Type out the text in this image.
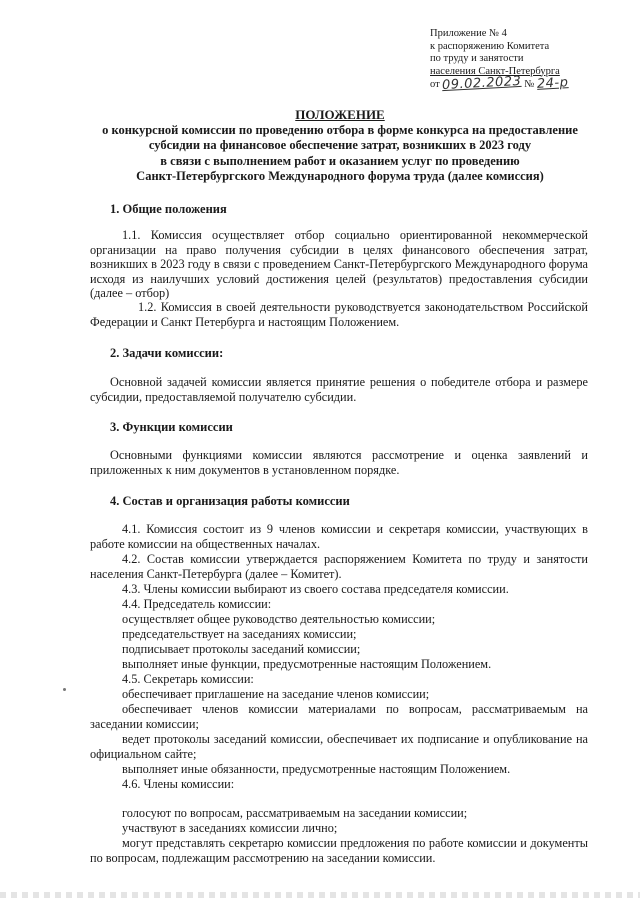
Приложение № 4
к распоряжению Комитета
по труду и занятости
населения Санкт-Петербурга
от 09.02.2023 № 24-р
ПОЛОЖЕНИЕ
о конкурсной комиссии по проведению отбора в форме конкурса на предоставление
субсидии на финансовое обеспечение затрат, возникших в 2023 году
в связи с выполнением работ и оказанием услуг по проведению
Санкт-Петербургского Международного форума труда (далее комиссия)
1. Общие положения
1.1. Комиссия осуществляет отбор социально ориентированной некоммерческой организации на право получения субсидии в целях финансового обеспечения затрат, возникших в 2023 году в связи с проведением Санкт-Петербургского Международного форума исходя из наилучших условий достижения целей (результатов) предоставления субсидии (далее – отбор)
1.2. Комиссия в своей деятельности руководствуется законодательством Российской Федерации и Санкт Петербурга и настоящим Положением.
2. Задачи комиссии:
Основной задачей комиссии является принятие решения о победителе отбора и размере субсидии, предоставляемой получателю субсидии.
3. Функции комиссии
Основными функциями комиссии являются рассмотрение и оценка заявлений и приложенных к ним документов в установленном порядке.
4. Состав и организация работы комиссии
4.1. Комиссия состоит из 9 членов комиссии и секретаря комиссии, участвующих в работе комиссии на общественных началах.
4.2. Состав комиссии утверждается распоряжением Комитета по труду и занятости населения Санкт-Петербурга (далее – Комитет).
4.3. Члены комиссии выбирают из своего состава председателя комиссии.
4.4. Председатель комиссии:
осуществляет общее руководство деятельностью комиссии;
председательствует на заседаниях комиссии;
подписывает протоколы заседаний комиссии;
выполняет иные функции, предусмотренные настоящим Положением.
4.5. Секретарь комиссии:
обеспечивает приглашение на заседание членов комиссии;
обеспечивает членов комиссии материалами по вопросам, рассматриваемым на заседании комиссии;
ведет протоколы заседаний комиссии, обеспечивает их подписание и опубликование на официальном сайте;
выполняет иные обязанности, предусмотренные настоящим Положением.
4.6. Члены комиссии:
голосуют по вопросам, рассматриваемым на заседании комиссии;
участвуют в заседаниях комиссии лично;
могут представлять секретарю комиссии предложения по работе комиссии и документы по вопросам, подлежащим рассмотрению на заседании комиссии.
